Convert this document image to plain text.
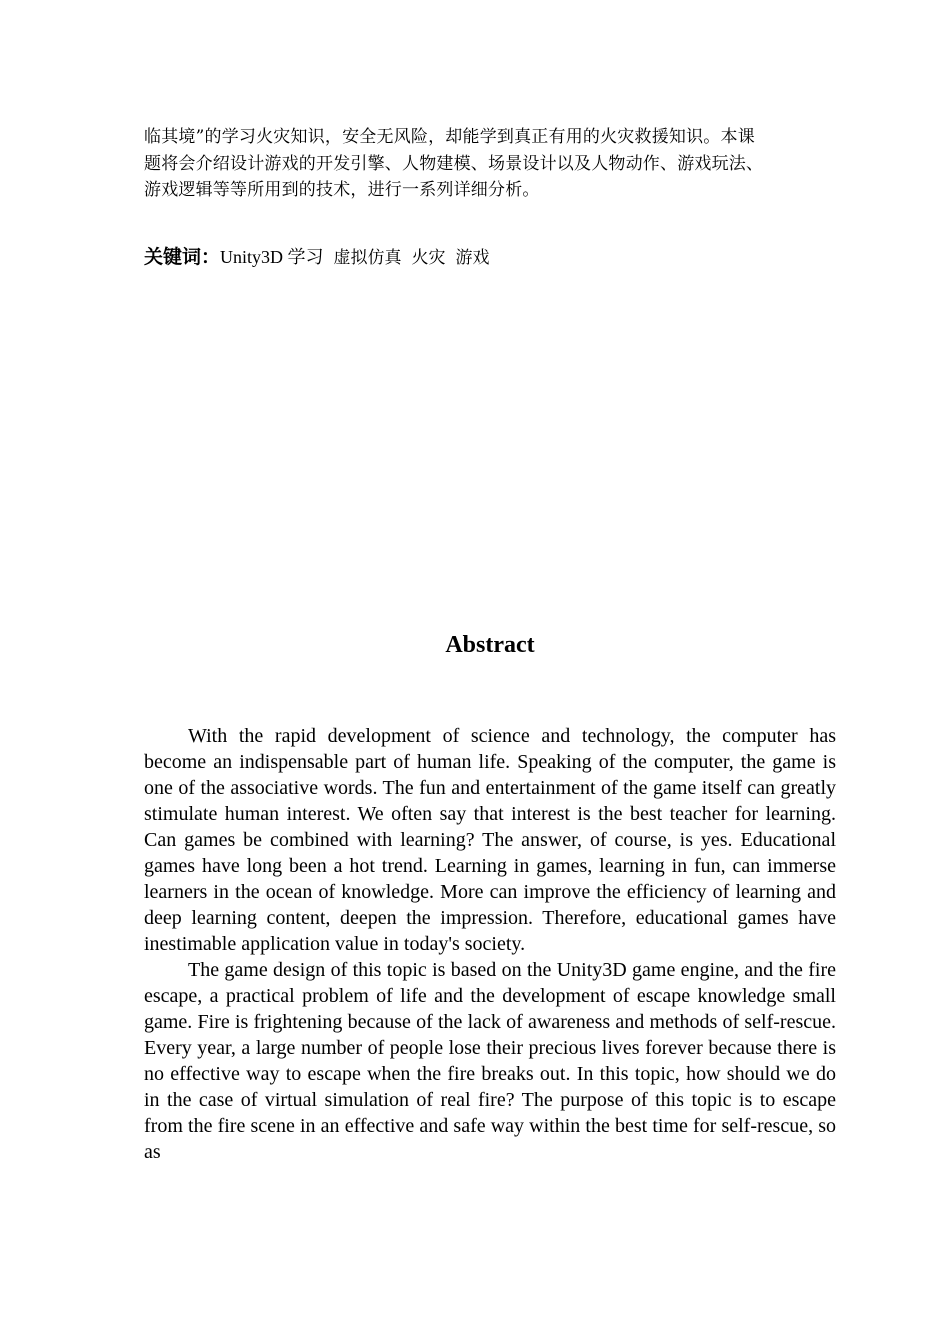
临其境”的学习火灾知识，安全无风险，却能学到真正有用的火灾救援知识。本课
题将会介绍设计游戏的开发引擎、人物建模、场景设计以及人物动作、游戏玩法、
游戏逻辑等等所用到的技术，进行一系列详细分析。
关键词：Unity3D 学习 虚拟仿真 火灾 游戏
Abstract

With the rapid development of science and technology, the computer has become an indispensable part of human life. Speaking of the computer, the game is one of the associative words. The fun and entertainment of the game itself can greatly stimulate human interest. We often say that interest is the best teacher for learning. Can games be combined with learning? The answer, of course, is yes. Educational games have long been a hot trend. Learning in games, learning in fun, can immerse learners in the ocean of knowledge. More can improve the efficiency of learning and deep learning content, deepen the impression. Therefore, educational games have inestimable application value in today's society.

The game design of this topic is based on the Unity3D game engine, and the fire escape, a practical problem of life and the development of escape knowledge small game. Fire is frightening because of the lack of awareness and methods of self-rescue. Every year, a large number of people lose their precious lives forever because there is no effective way to escape when the fire breaks out. In this topic, how should we do in the case of virtual simulation of real fire? The purpose of this topic is to escape from the fire scene in an effective and safe way within the best time for self-rescue, so as
